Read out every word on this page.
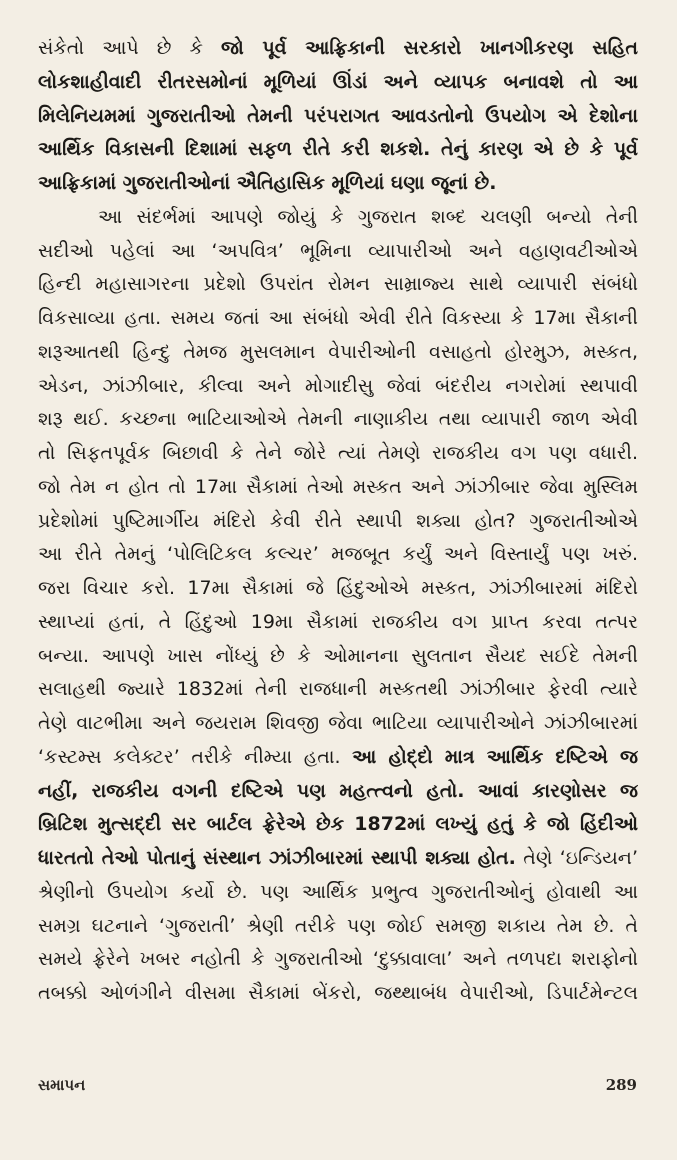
સંકેતો આપે છે કે જો પૂર્વ આફ્રિકાની સરકારો ખાનગીકરણ સહિત
લોકશાહીવાદી રીતરસમોનાં મૂળિયાં ઊંડાં અને વ્યાપક બનાવશે તો આ
મિલેનિયમમાં ગુજરાતીઓ તેમની પરંપરાગત આવડતોનો ઉપયોગ એ દેશોના
આર્થિક વિકાસની દિશામાં સફળ રીતે કરી શકશે. તેનું કારણ એ છે કે પૂર્વ
આફ્રિકામાં ગુજરાતીઓનાં ઐતિહાસિક મૂળિયાં ઘણા જૂનાં છે.
આ સંદર્ભમાં આપણે જોયું કે ગુજરાત શબ્દ ચલણી બન્યો તેની
સદીઓ પહેલાં આ ‘અપવિત્ર’ ભૂમિના વ્યાપારીઓ અને વહાણવટીઓએ
હિન્દી મહાસાગરના પ્રદેશો ઉપરાંત રોમન સામ્રાજ્ય સાથે વ્યાપારી સંબંધો
વિકસાવ્યા હતા. સમય જતાં આ સંબંધો એવી રીતે વિકસ્યા કે 17મા સૈકાની
શરૂઆતથી હિન્દુ તેમજ મુસલમાન વેપારીઓની વસાહતો હોરમુઝ, મસ્કત,
એડન, ઝાંઝીબાર, કીલ્વા અને મોગાદીસુ જેવાં બંદરીય નગરોમાં સ્થપાવી
શરૂ થઈ. કચ્છના ભાટિયાઓએ તેમની નાણાકીય તથા વ્યાપારી જાળ એવી
તો સિફતપૂર્વક બિછાવી કે તેને જોરે ત્યાં તેમણે રાજકીય વગ પણ વધારી.
જો તેમ ન હોત તો 17મા સૈકામાં તેઓ મસ્કત અને ઝાંઝીબાર જેવા મુસ્લિમ
પ્રદેશોમાં પુષ્ટિમાર્ગીય મંદિરો કેવી રીતે સ્થાપી શક્યા હોત? ગુજરાતીઓએ
આ રીતે તેમનું ‘પોલિટિકલ કલ્ચર’ મજબૂત કર્યું અને વિસ્તાર્યું પણ ખરું.
જરા વિચાર કરો. 17મા સૈકામાં જે હિંદુઓએ મસ્કત, ઝાંઝીબારમાં મંદિરો
સ્થાપ્યાં હતાં, તે હિંદુઓ 19મા સૈકામાં રાજકીય વગ પ્રાપ્ત કરવા તત્પર
બન્યા. આપણે ખાસ નોંધ્યું છે કે ઓમાનના સુલતાન સૈયદ સઈદે તેમની
સલાહથી જ્યારે 1832માં તેની રાજધાની મસ્કતથી ઝાંઝીબાર ફેરવી ત્યારે
તેણે વાટભીમા અને જયરામ શિવજી જેવા ભાટિયા વ્યાપારીઓને ઝાંઝીબારમાં
‘કસ્ટમ્સ કલેક્ટર’ તરીકે નીમ્યા હતા. આ હોદ્દો માત્ર આર્થિક દષ્ટિએ જ
નહીં, રાજકીય વગની દષ્ટિએ પણ મહત્ત્વનો હતો. આવાં કારણોસર જ
બ્રિટિશ મુત્સદ્દી સર બાર્ટલ ફ્રેરેએ છેક 1872માં લખ્યું હતું કે જો હિંદીઓ
ધારતતો તેઓ પોતાનું સંસ્થાન ઝાંઝીબારમાં સ્થાપી શક્યા હોત. તેણે ‘ઇન્ડિયન’
શ્રેણીનો ઉપયોગ કર્યો છે. પણ આર્થિક પ્રભુત્વ ગુજરાતીઓનું હોવાથી આ
સમગ્ર ઘટનાને ‘ગુજરાતી’ શ્રેણી તરીકે પણ જોઈ સમજી શકાય તેમ છે. તે
સમયે ફ્રેરેને ખબર નહોતી કે ગુજરાતીઓ ‘દુક્કાવાલા’ અને તળપદા શરાફોનો
તબક્કો ઓળંગીને વીસમા સૈકામાં બેંકરો, જથ્થાબંધ વેપારીઓ, ડિપાર્ટમેન્ટલ
સમાપન	289
